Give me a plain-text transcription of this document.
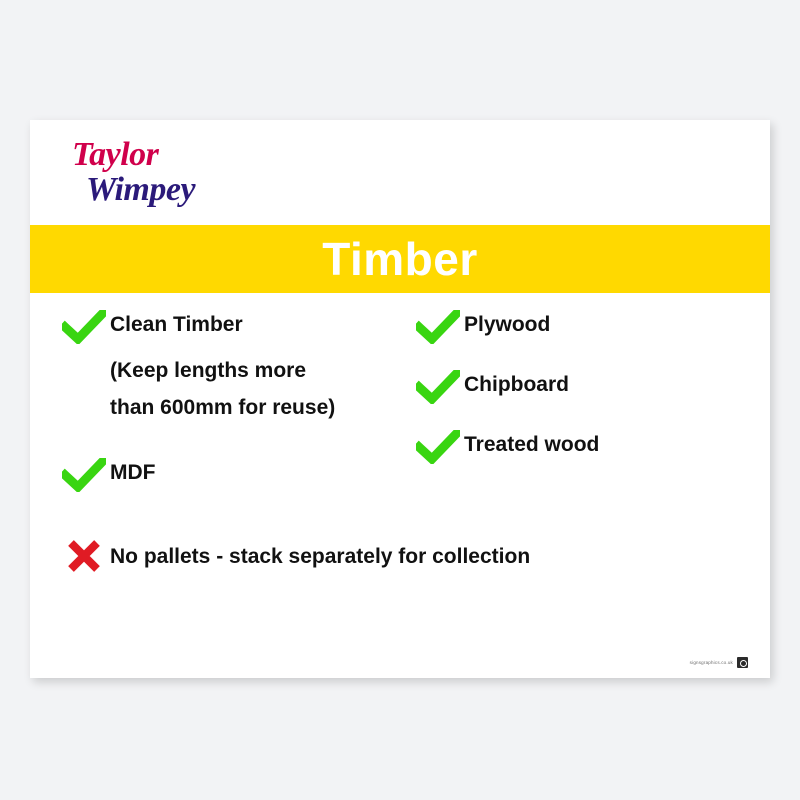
Taylor
Wimpey
Timber
Clean Timber
(Keep lengths more
than 600mm for reuse)
MDF
Plywood
Chipboard
Treated wood
No pallets - stack separately for collection
signsgraphics.co.uk
